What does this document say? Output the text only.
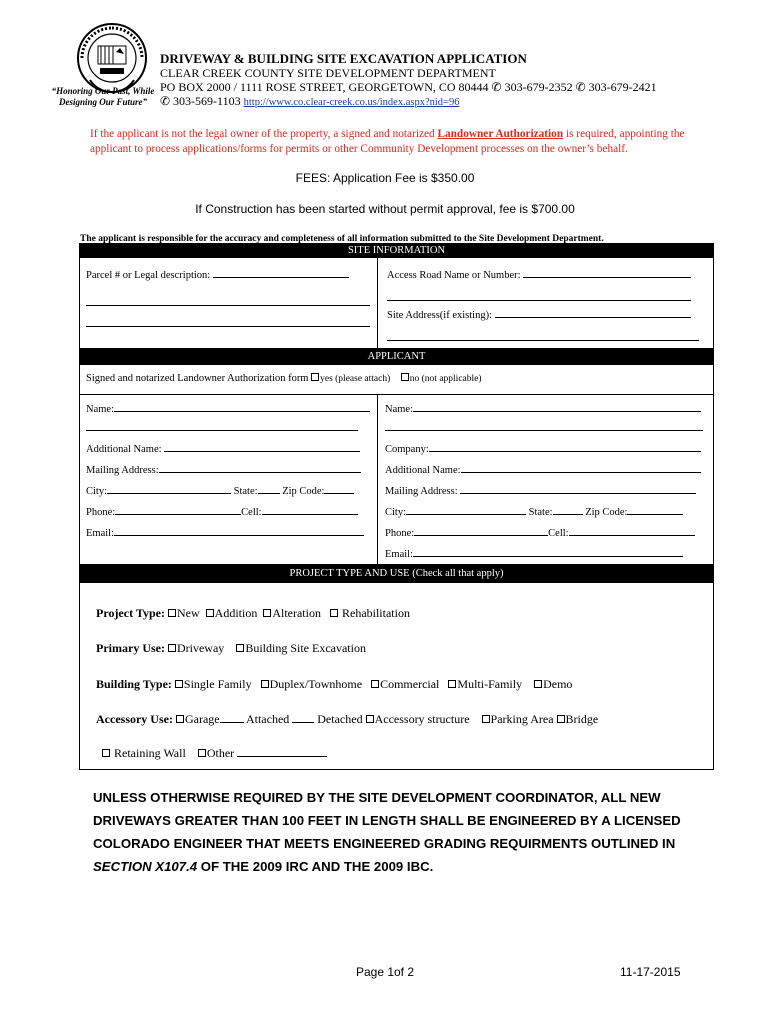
“Honoring Our Past, While Designing Our Future”
DRIVEWAY & BUILDING SITE EXCAVATION APPLICATION
CLEAR CREEK COUNTY SITE DEVELOPMENT DEPARTMENT
PO BOX 2000 / 1111 ROSE STREET, GEORGETOWN, CO 80444 ✆ 303-679-2352 ✆ 303-679-2421
✆ 303-569-1103 http://www.co.clear-creek.co.us/index.aspx?nid=96
If the applicant is not the legal owner of the property, a signed and notarized Landowner Authorization is required, appointing the applicant to process applications/forms for permits or other Community Development processes on the owner’s behalf.
FEES: Application Fee is $350.00
If Construction has been started without permit approval, fee is $700.00
The applicant is responsible for the accuracy and completeness of all information submitted to the Site Development Department.
SITE INFORMATION
Parcel # or Legal description:	Access Road Name or Number:
Site Address(if existing):
APPLICANT
Signed and notarized Landowner Authorization form yes (please attach) no (not applicable)
Name:
Additional Name:
Mailing Address:
City:	State: Zip Code:
Phone:	Cell:
Email:
Name:
Company:
Additional Name:
Mailing Address:
City:	State:	Zip Code:
Phone:	Cell:
Email:
PROJECT TYPE AND USE (Check all that apply)
Project Type: New Addition Alteration Rehabilitation
Primary Use: Driveway Building Site Excavation
Building Type: Single Family Duplex/Townhome Commercial Multi-Family Demo
Accessory Use: Garage Attached Detached Accessory structure Parking Area Bridge
Retaining Wall Other
UNLESS OTHERWISE REQUIRED BY THE SITE DEVELOPMENT COORDINATOR, ALL NEW DRIVEWAYS GREATER THAN 100 FEET IN LENGTH SHALL BE ENGINEERED BY A LICENSED COLORADO ENGINEER THAT MEETS ENGINEERED GRADING REQUIRMENTS OUTLINED IN SECTION X107.4 OF THE 2009 IRC AND THE 2009 IBC.
Page 1of 2	11-17-2015
